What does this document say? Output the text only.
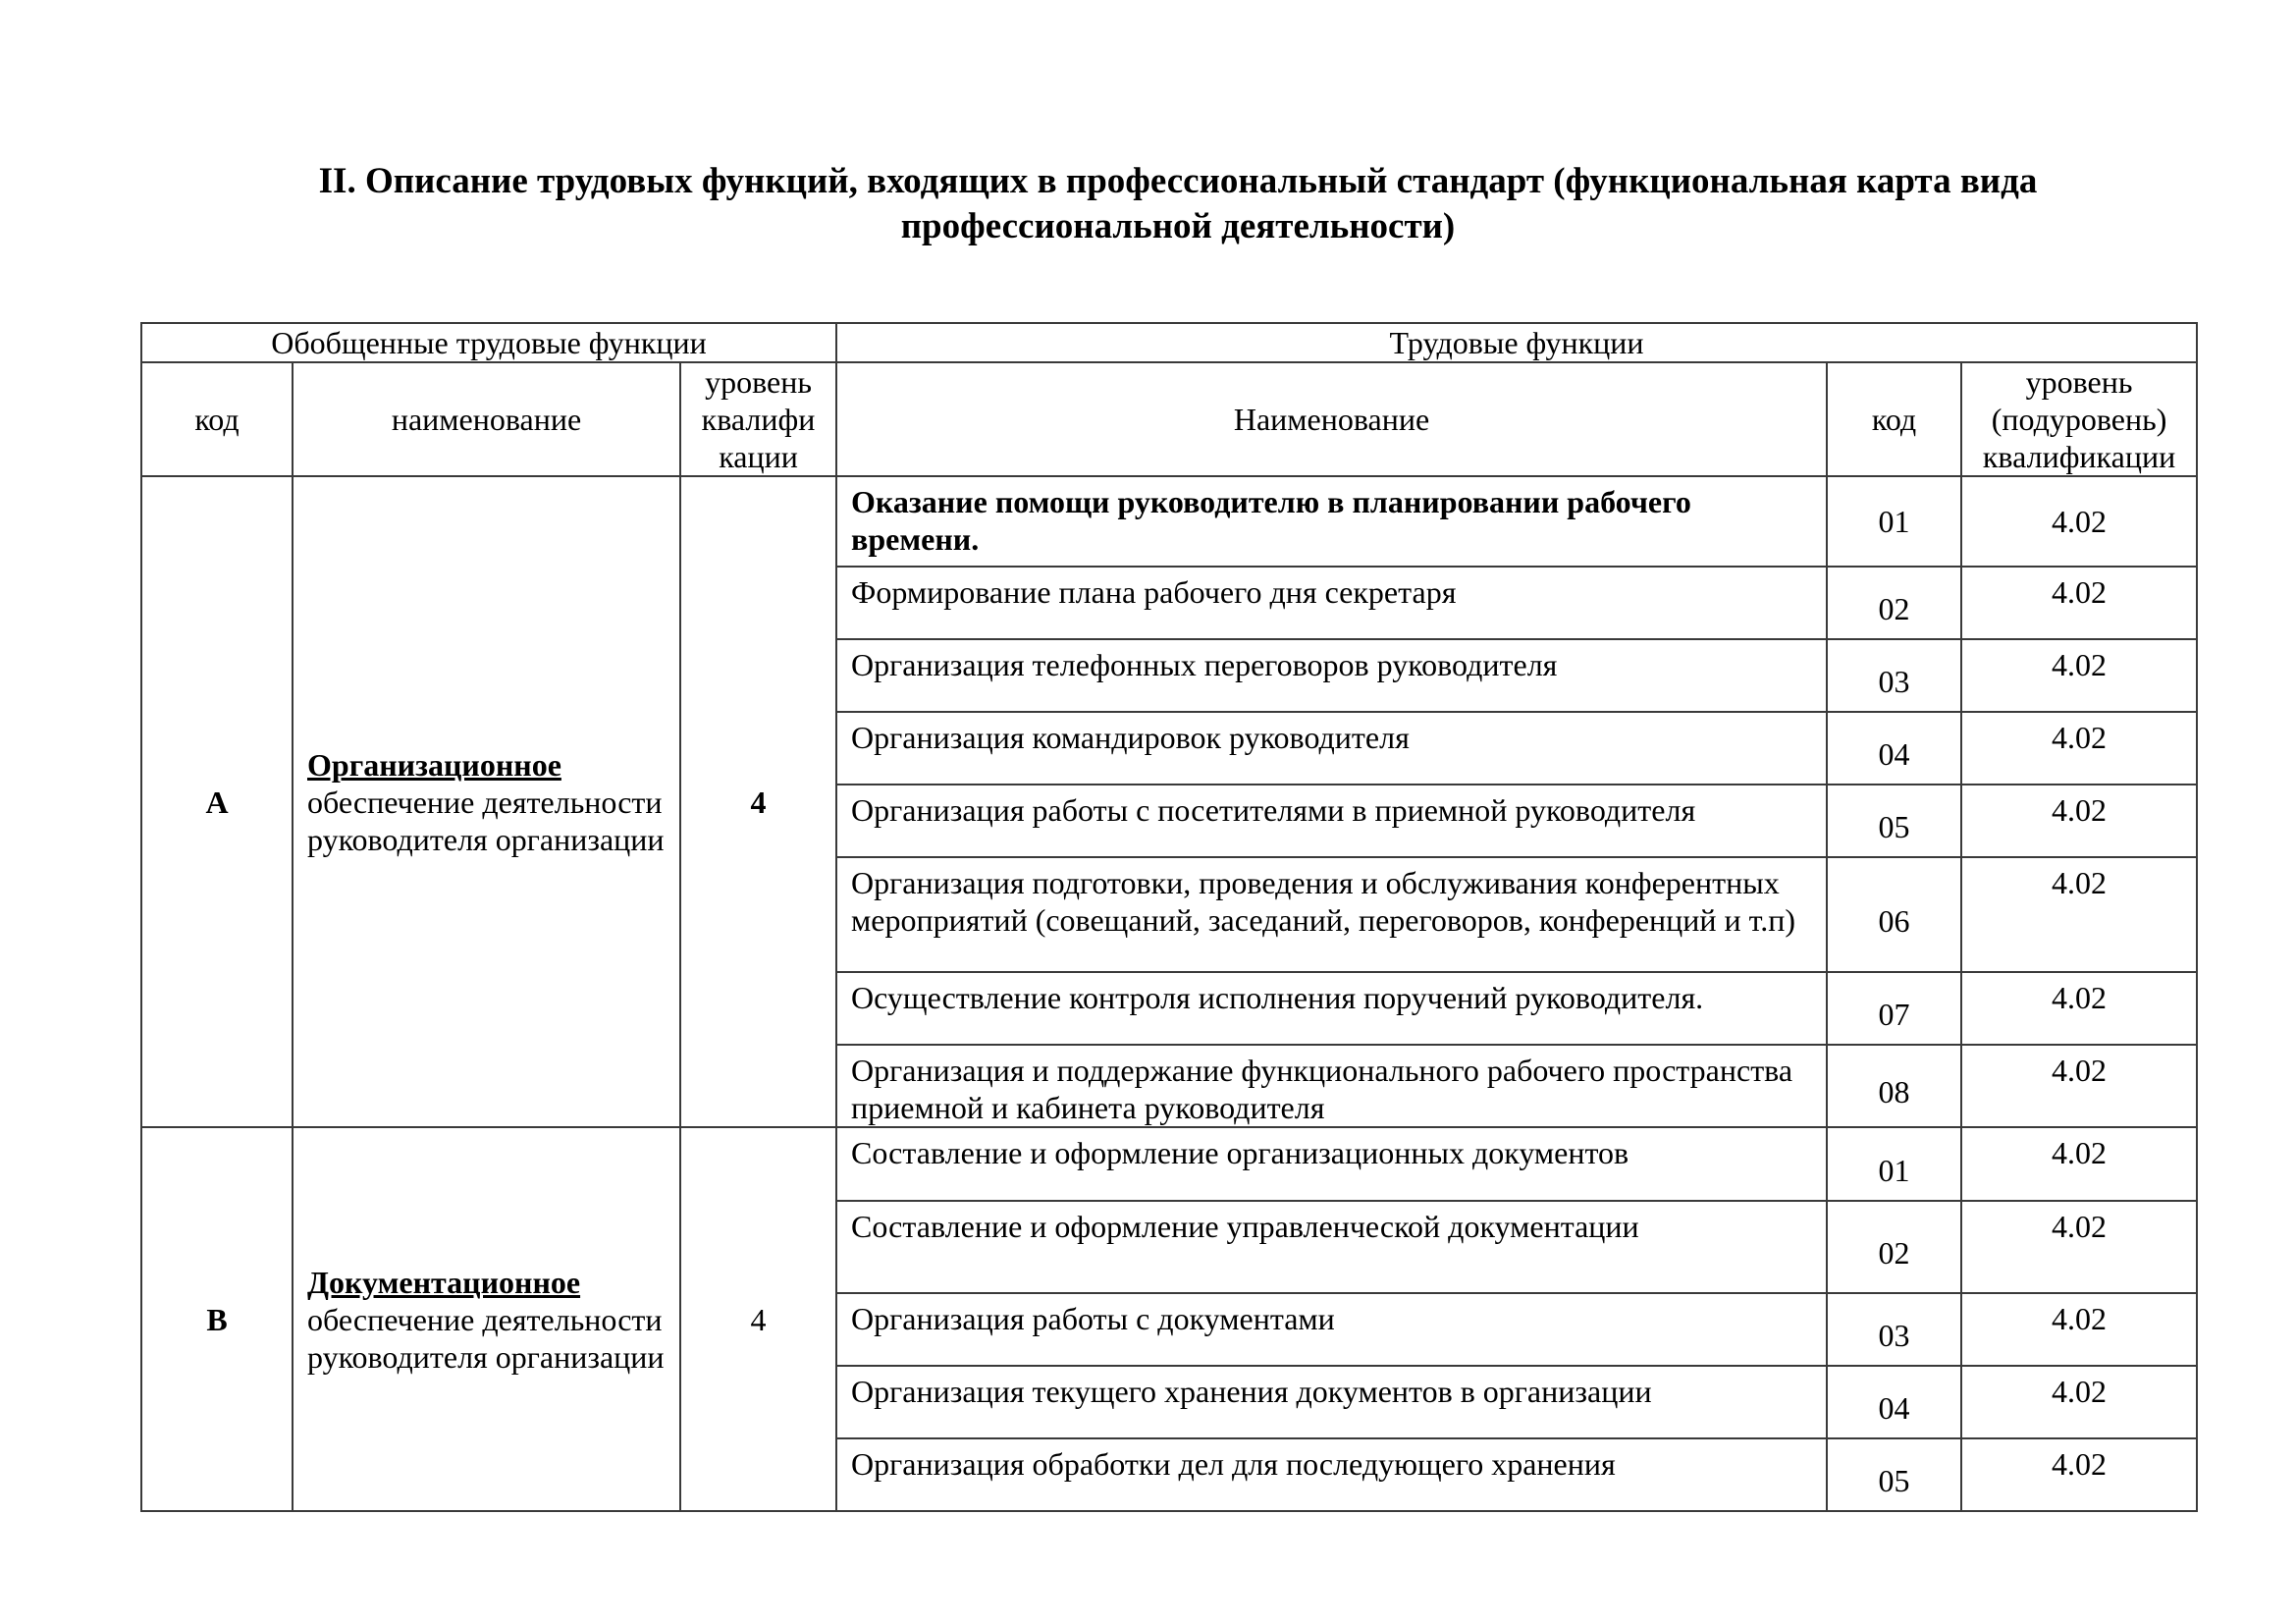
II. Описание трудовых функций, входящих в профессиональный стандарт (функциональная карта вида
профессиональной деятельности)
Обобщенные трудовые функции			Трудовые функции		
код	наименование	уровень квалифи кации	Наименование	код	уровень (подуровень) квалификации
А	Организационное
обеспечение деятельности руководителя организации	4	Оказание помощи руководителю в планировании рабочего времени.	01	4.02
			Формирование плана рабочего дня секретаря	02	4.02
			Организация телефонных переговоров руководителя	03	4.02
			Организация командировок руководителя	04	4.02
			Организация работы с посетителями в приемной руководителя	05	4.02
			Организация подготовки, проведения и обслуживания конферентных мероприятий (совещаний, заседаний, переговоров, конференций и т.п)	06	4.02
			Осуществление контроля исполнения поручений руководителя.	07	4.02
			Организация и поддержание функционального рабочего пространства приемной и кабинета руководителя	08	4.02
В	Документационное
обеспечение деятельности руководителя организации	4	Составление и оформление организационных документов	01	4.02
			Составление и оформление управленческой документации	02	4.02
			Организация работы с документами	03	4.02
			Организация текущего хранения документов в организации	04	4.02
			Организация обработки дел для последующего хранения	05	4.02
